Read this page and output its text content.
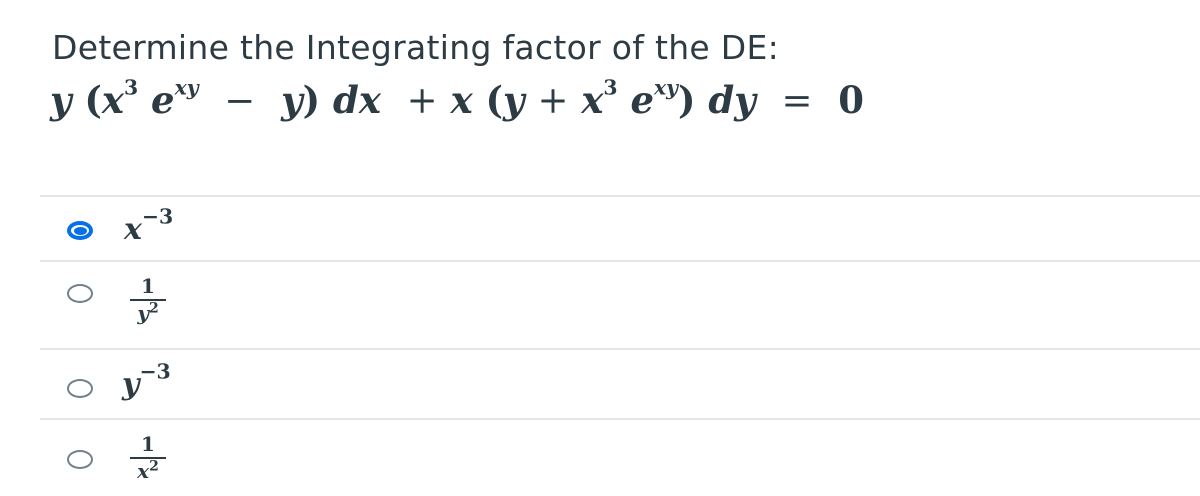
Determine the Integrating factor of the DE:
y ($x^3$ $e^{xy} - y$) dx + x ($y + x^3$ $e^{xy}$) dy = 0
$x^{-3}$
1
$y^2$
$y^{-3}$
1
$x^2$
